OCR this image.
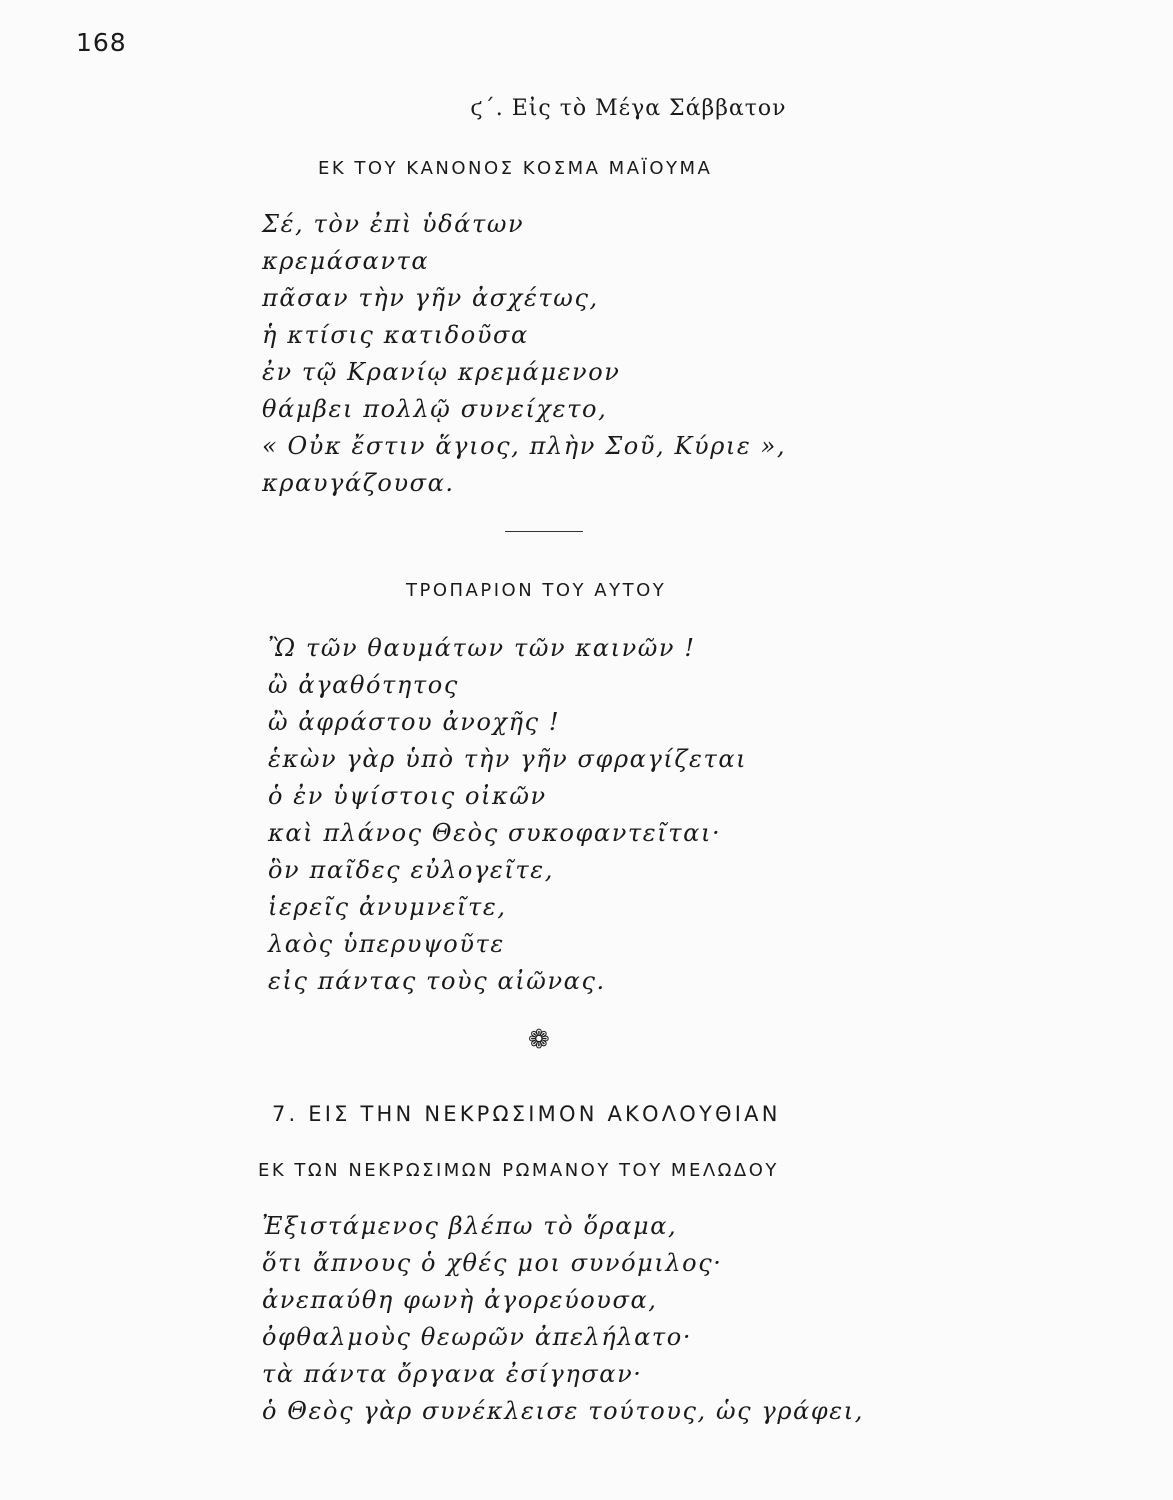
168
ϛ΄. Εἰς τὸ Μέγα Σάββατον
ΕΚ ΤΟΥ ΚΑΝΟΝΟΣ ΚΟΣΜΑ ΜΑΪΟΥΜΑ
Σέ, τὸν ἐπὶ ὑδάτων
κρεμάσαντα
πᾶσαν τὴν γῆν ἀσχέτως,
ἡ κτίσις κατιδοῦσα
ἐν τῷ Κρανίῳ κρεμάμενον
θάμβει πολλῷ συνείχετο,
« Οὐκ ἔστιν ἅγιος, πλὴν Σοῦ, Κύριε »,
κραυγάζουσα.
ΤΡΟΠΑΡΙΟΝ ΤΟΥ ΑΥΤΟΥ
Ὢ τῶν θαυμάτων τῶν καινῶν !
ὢ ἀγαθότητος
ὢ ἀφράστου ἀνοχῆς !
ἑκὼν γὰρ ὑπὸ τὴν γῆν σφραγίζεται
ὁ ἐν ὑψίστοις οἰκῶν
καὶ πλάνος Θεὸς συκοφαντεῖται·
ὃν παῖδες εὐλογεῖτε,
ἱερεῖς ἀνυμνεῖτε,
λαὸς ὑπερυψοῦτε
εἰς πάντας τοὺς αἰῶνας.
❁
7. ΕΙΣ ΤΗΝ ΝΕΚΡΩΣΙΜΟΝ ΑΚΟΛΟΥΘΙΑΝ
ΕΚ ΤΩΝ ΝΕΚΡΩΣΙΜΩΝ ΡΩΜΑΝΟΥ ΤΟΥ ΜΕΛΩΔΟΥ
Ἐξιστάμενος βλέπω τὸ ὅραμα,
ὅτι ἄπνους ὁ χθές μοι συνόμιλος·
ἀνεπαύθη φωνὴ ἀγορεύουσα,
ὀφθαλμοὺς θεωρῶν ἀπελήλατο·
τὰ πάντα ὄργανα ἐσίγησαν·
ὁ Θεὸς γὰρ συνέκλεισε τούτους, ὡς γράφει,
